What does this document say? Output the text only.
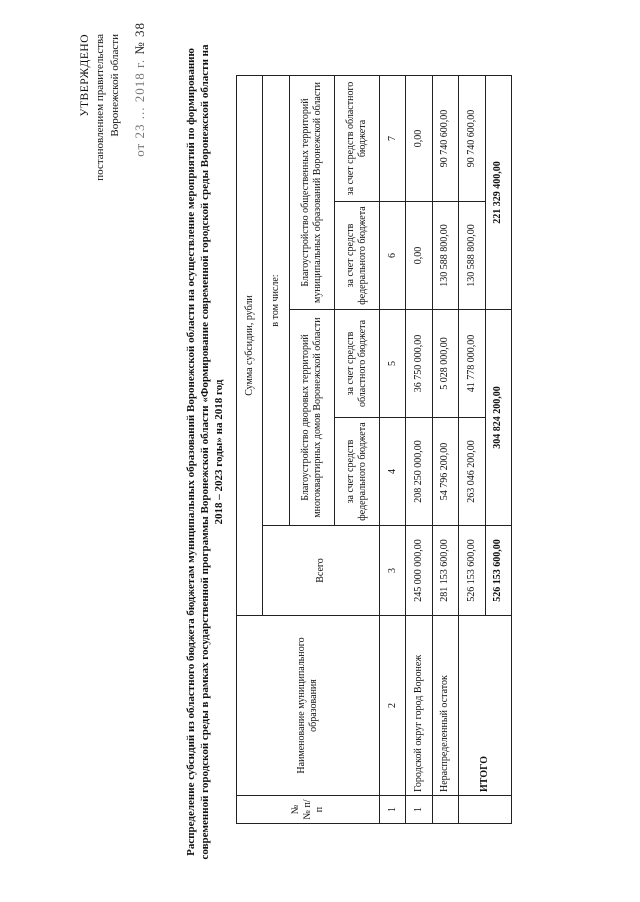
УТВЕРЖДЕНО постановлением правительства Воронежской области от 23 ... 2018 г. № 38
Распределение субсидий из областного бюджета бюджетам муниципальных образований Воронежской области на осуществление мероприятий по формированию современной городской среды в рамках государственной программы Воронежской области «Формирование современной городской среды Воронежской области на 2018 – 2023 годы» на 2018 год
№ № п/п	Наименование муниципального образования	Сумма субсидии, рубли				
		Всего	в том числе:			
			Благоустройство дворовых территорий многоквартирных домов Воронежской области		Благоустройство общественных территорий муниципальных образований Воронежской области	
			за счет средств федерального бюджета	за счет средств областного бюджета	за счет средств федерального бюджета	за счет средств областного бюджета
1	2	3	4	5	6	7
1	Городской округ город Воронеж	245 000 000,00	208 250 000,00	36 750 000,00	0,00	0,00
	Нераспределенный остаток	281 153 600,00	54 796 200,00	5 028 000,00	130 588 800,00	90 740 600,00
	ИТОГО	526 153 600,00	263 046 200,00	41 778 000,00	130 588 800,00	90 740 600,00
		526 153 600,00	304 824 200,00		221 329 400,00	
